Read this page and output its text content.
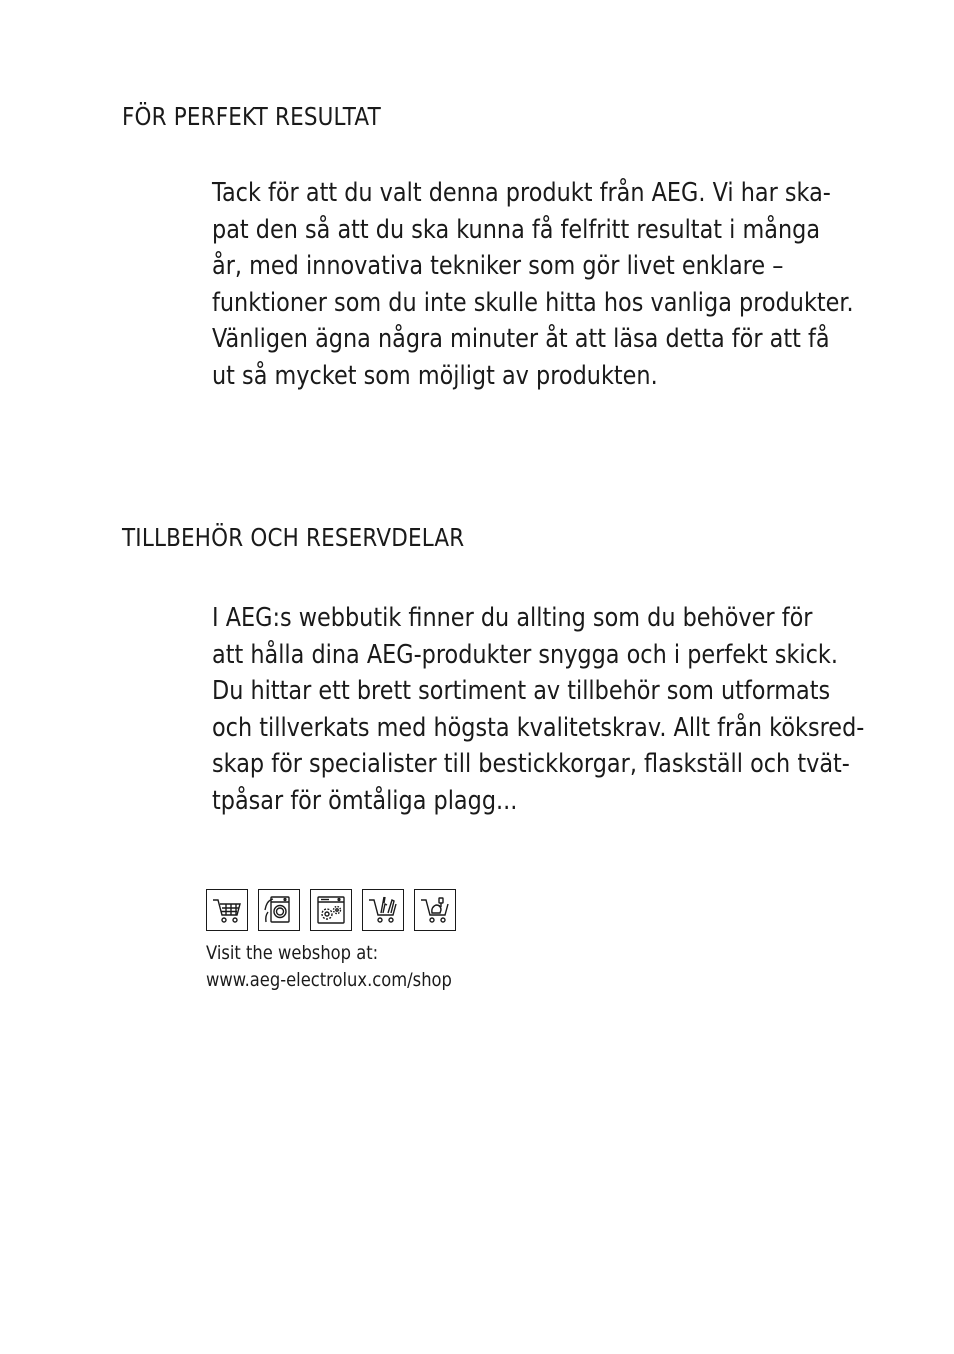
FÖR PERFEKT RESULTAT

Tack för att du valt denna produkt från AEG. Vi har ska-
pat den så att du ska kunna få felfritt resultat i många
år, med innovativa tekniker som gör livet enklare –
funktioner som du inte skulle hitta hos vanliga produkter.
Vänligen ägna några minuter åt att läsa detta för att få
ut så mycket som möjligt av produkten.

TILLBEHÖR OCH RESERVDELAR

I AEG:s webbutik finner du allting som du behöver för
att hålla dina AEG-produkter snygga och i perfekt skick.
Du hittar ett brett sortiment av tillbehör som utformats
och tillverkats med högsta kvalitetskrav. Allt från köksred-
skap för specialister till bestickkorgar, flaskställ och tvät-
tpåsar för ömtåliga plagg...

Visit the webshop at:
www.aeg-electrolux.com/shop
